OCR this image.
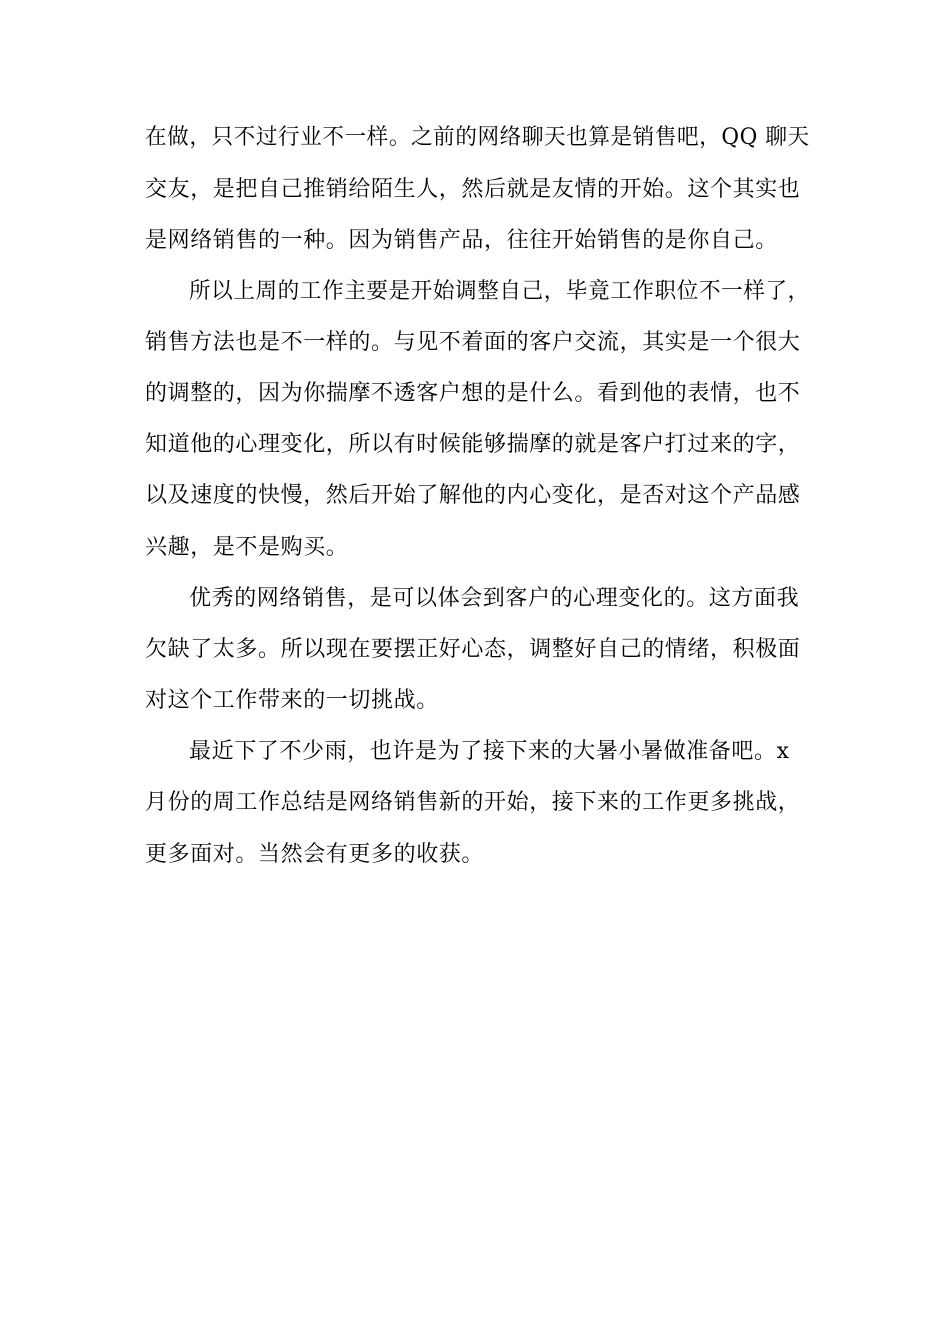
在做，只不过行业不一样。之前的网络聊天也算是销售吧，QQ 聊天

交友，是把自己推销给陌生人，然后就是友情的开始。这个其实也

是网络销售的一种。因为销售产品，往往开始销售的是你自己。

所以上周的工作主要是开始调整自己，毕竟工作职位不一样了，

销售方法也是不一样的。与见不着面的客户交流，其实是一个很大

的调整的，因为你揣摩不透客户想的是什么。看到他的表情，也不

知道他的心理变化，所以有时候能够揣摩的就是客户打过来的字，

以及速度的快慢，然后开始了解他的内心变化，是否对这个产品感

兴趣，是不是购买。

优秀的网络销售，是可以体会到客户的心理变化的。这方面我

欠缺了太多。所以现在要摆正好心态，调整好自己的情绪，积极面

对这个工作带来的一切挑战。

最近下了不少雨，也许是为了接下来的大暑小暑做准备吧。x

月份的周工作总结是网络销售新的开始，接下来的工作更多挑战，

更多面对。当然会有更多的收获。
